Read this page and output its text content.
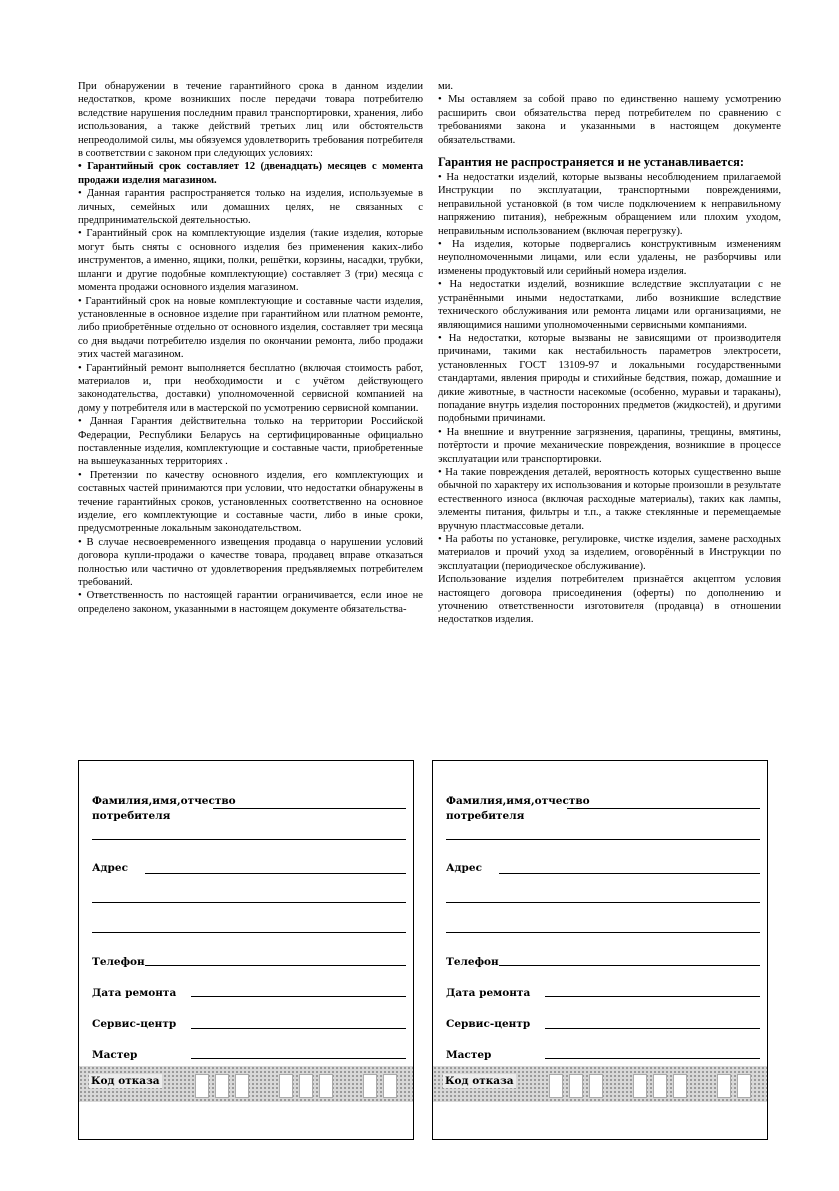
При обнаружении в течение гарантийного срока в данном изделии недостатков, кроме возникших после передачи товара потребителю вследствие нарушения последним правил транспортировки, хранения, либо использования, а также действий третьих лиц или обстоятельств непреодолимой силы, мы обязуемся удовлетворить требования потребителя в соответствии с законом при следующих условиях:

• Гарантийный срок составляет 12 (двенадцать) месяцев с момента продажи изделия магазином.

• Данная гарантия распространяется только на изделия, используемые в личных, семейных или домашних целях, не связанных с предпринимательской деятельностью.

• Гарантийный срок на комплектующие изделия (такие изделия, которые могут быть сняты с основного изделия без применения каких-либо инструментов, а именно, ящики, полки, решётки, корзины, насадки, трубки, шланги и другие подобные комплектующие) составляет 3 (три) месяца с момента продажи основного изделия магазином.

• Гарантийный срок на новые комплектующие и составные части изделия, установленные в основное изделие при гарантийном или платном ремонте, либо приобретённые отдельно от основного изделия, составляет три месяца со дня выдачи потребителю изделия по окончании ремонта, либо продажи этих частей магазином.

• Гарантийный ремонт выполняется бесплатно (включая стоимость работ, материалов и, при необходимости и с учётом действующего законодательства, доставки) уполномоченной сервисной компанией на дому у потребителя или в мастерской по усмотрению сервисной компании.

• Данная Гарантия действительна только на территории Российской Федерации, Республики Беларусь на сертифицированные официально поставленные изделия, комплектующие и составные части, приобретенные на вышеуказанных территориях .

• Претензии по качеству основного изделия, его комплектующих и составных частей принимаются при условии, что недостатки обнаружены в течение гарантийных сроков, установленных соответственно на основное изделие, его комплектующие и составные части, либо в иные сроки, предусмотренные локальным законодательством.

• В случае несвоевременного извещения продавца о нарушении условий договора купли-продажи о качестве товара, продавец вправе отказаться полностью или частично от удовлетворения предъявляемых потребителем требований.

• Ответственность по настоящей гарантии ограничивается, если иное не определено законом, указанными в настоящем документе обязательства-

ми.

• Мы оставляем за собой право по единственно нашему усмотрению расширить свои обязательства перед потребителем по сравнению с требованиями закона и указанными в настоящем документе обязательствами.

Гарантия не распространяется и не устанавливается:

• На недостатки изделий, которые вызваны несоблюдением прилагаемой Инструкции по эксплуатации, транспортными повреждениями, неправильной установкой (в том числе подключением к неправильному напряжению питания), небрежным обращением или плохим уходом, неправильным использованием (включая перегрузку).

• На изделия, которые подвергались конструктивным изменениям неуполномоченными лицами, или если удалены, не разборчивы или изменены продуктовый или серийный номера изделия.

• На недостатки изделий, возникшие вследствие эксплуатации с не устранёнными иными недостатками, либо возникшие вследствие технического обслуживания или ремонта лицами или организациями, не являющимися нашими уполномоченными сервисными компаниями.

• На недостатки, которые вызваны не зависящими от производителя причинами, такими как нестабильность параметров электросети, установленных ГОСТ 13109-97 и локальными государственными стандартами, явления природы и стихийные бедствия, пожар, домашние и дикие животные, в частности насекомые (особенно, муравьи и тараканы), попадание внутрь изделия посторонних предметов (жидкостей), и другими подобными причинами.

• На внешние и внутренние загрязнения, царапины, трещины, вмятины, потёртости и прочие механические повреждения, возникшие в процессе эксплуатации или транспортировки.

• На такие повреждения деталей, вероятность которых существенно выше обычной по характеру их использования и которые произошли в результате естественного износа (включая расходные материалы), таких как лампы, элементы питания, фильтры и т.п., а также стеклянные и перемещаемые вручную пластмассовые детали.

• На работы по установке, регулировке, чистке изделия, замене расходных материалов и прочий уход за изделием, оговорённый в Инструкции по эксплуатации (периодическое обслуживание).

Использование изделия потребителем признаётся акцептом условия настоящего договора присоединения (оферты) по дополнению и уточнению ответственности изготовителя (продавца) в отношении недостатков изделия.

Фамилия,имя,отчество
потребителя
Адрес
Телефон
Дата ремонта
Сервис-центр
Мастер
Код отказа
Фамилия,имя,отчество
потребителя
Адрес
Телефон
Дата ремонта
Сервис-центр
Мастер
Код отказа
